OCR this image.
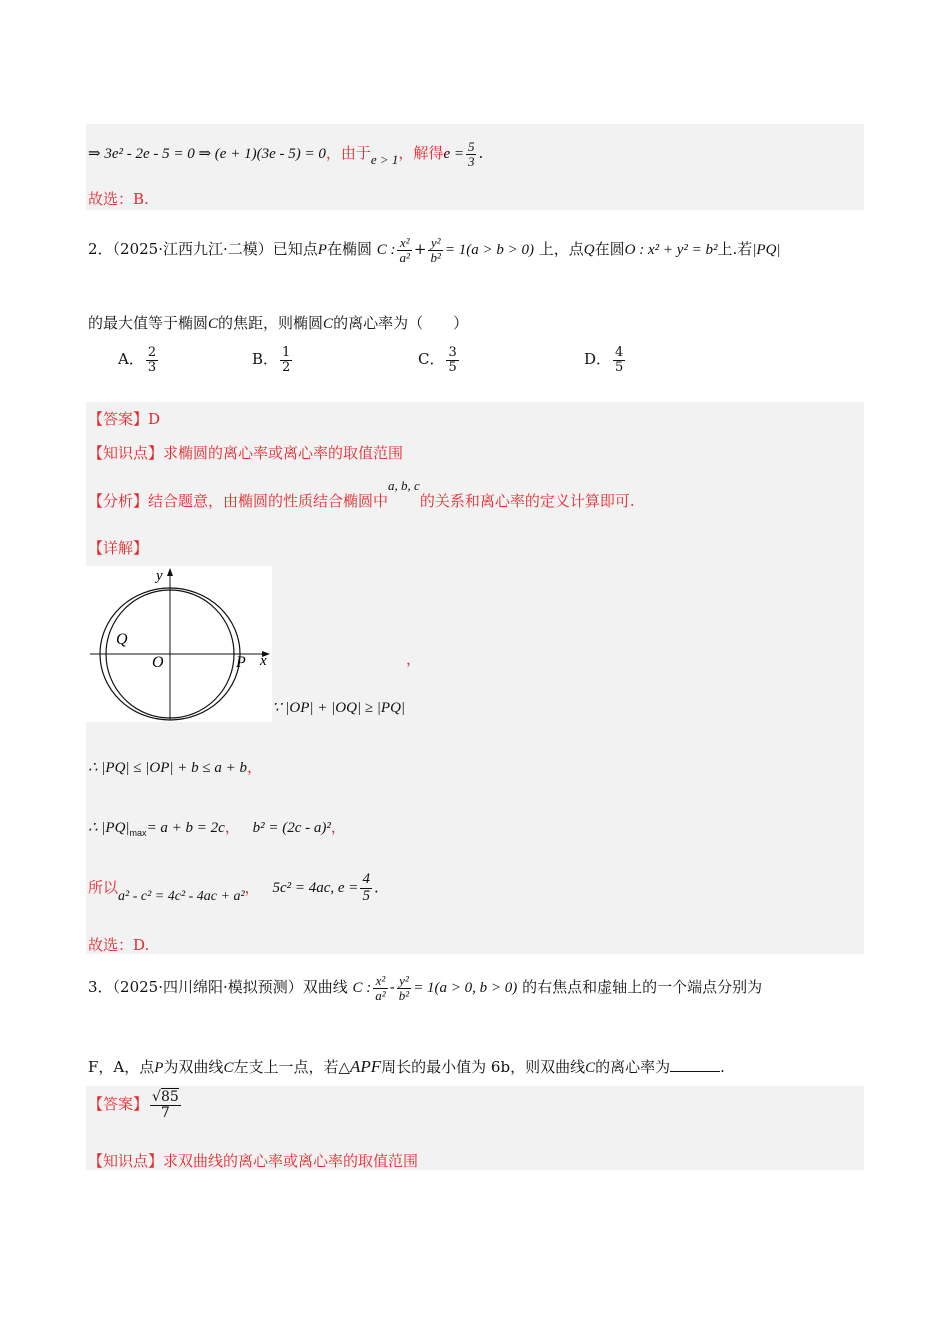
⇒ 3e² - 2e - 5 = 0 ⇒ (e + 1)(3e - 5) = 0，由于e > 1，解得$e = \frac{5}{3}$ .
故选：B.
2．（2025·江西九江·二模）已知点P在椭圆 C : $\frac{\text{x²}}{\text{a²}} + \frac{\text{y²}}{\text{b²}} = 1(a > b > 0)$ 上，点Q在圆O : x² + y² = b²上.若|PQ|
的最大值等于椭圆C的焦距，则椭圆C的离心率为（　　）
A． $\frac{2}{3}$	B． $\frac{1}{2}$	C． $\frac{3}{5}$	D． $\frac{4}{5}$
【答案】D
【知识点】求椭圆的离心率或离心率的取值范围
【分析】结合题意，由椭圆的性质结合椭圆中a, b, c的关系和离心率的定义计算即可.
【详解】
y
x
Q
O	P	，
∵ |OP| + |OQ| ≥ |PQ|
∴ |PQ| ≤ |OP| + b ≤ a + b，
∴ $|PQ|_{max}= a + b = 2c$， b² = (2c - a)²，
所以a² - c² = 4c² - 4ac + a²， 5c² = 4ac, $e = \frac{4}{5}$ .
故选：D.
3．（2025·四川绵阳·模拟预测）双曲线 C : $\frac{\text{x²}}{\text{a²}} - \frac{\text{y²}}{\text{b²}} = 1(a > 0$, b > 0) 的右焦点和虚轴上的一个端点分别为
F，A，点P为双曲线C左支上一点，若△APF周长的最小值为 6b，则双曲线C的离心率为	.
【答案】 $\frac{√85}{7}$
【知识点】求双曲线的离心率或离心率的取值范围
